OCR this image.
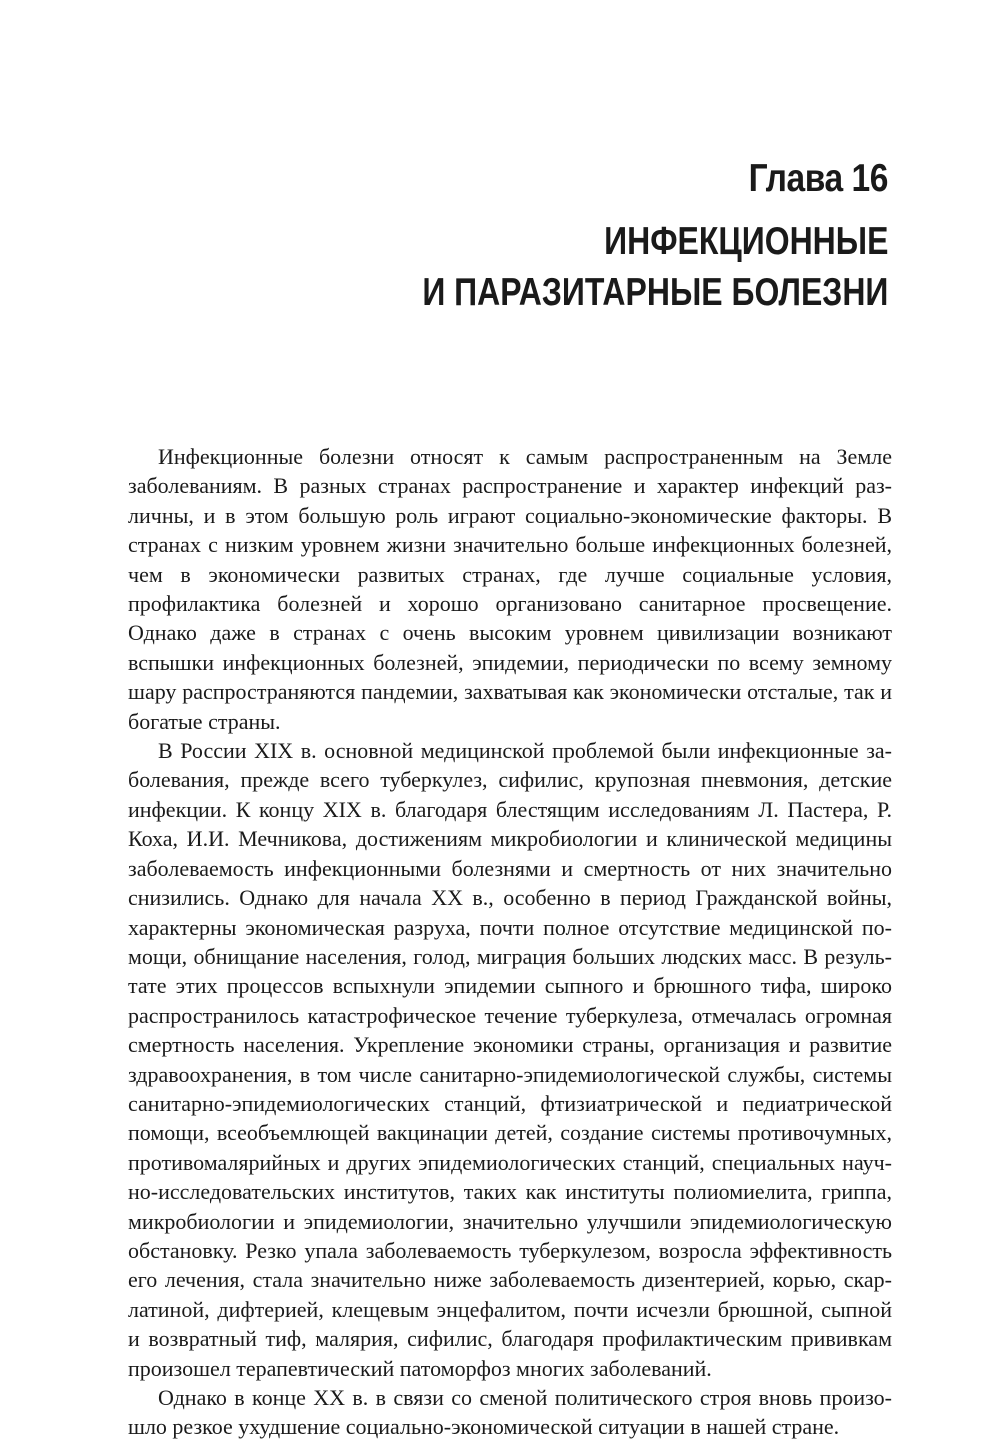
Глава 16
ИНФЕКЦИОННЫЕ
И ПАРАЗИТАРНЫЕ БОЛЕЗНИ

Инфекционные болезни относят к самым распространенным на Земле заболеваниям. В разных странах распространение и характер инфекций различны, и в этом большую роль играют социально-экономические факторы. В странах с низким уровнем жизни значительно больше инфекционных болезней, чем в экономически развитых странах, где лучше социальные условия, профилактика болезней и хорошо организовано санитарное просвещение. Однако даже в странах с очень высоким уровнем цивилизации возникают вспышки инфекционных болезней, эпидемии, периодически по всему земному шару распространяются пандемии, захватывая как экономически отсталые, так и богатые страны.

В России XIX в. основной медицинской проблемой были инфекционные заболевания, прежде всего туберкулез, сифилис, крупозная пневмония, детские инфекции. К концу XIX в. благодаря блестящим исследованиям Л. Пастера, Р. Коха, И.И. Мечникова, достижениям микробиологии и клинической медицины заболеваемость инфекционными болезнями и смертность от них значительно снизились. Однако для начала XX в., особенно в период Гражданской войны, характерны экономическая разруха, почти полное отсутствие медицинской помощи, обнищание населения, голод, миграция больших людских масс. В результате этих процессов вспыхнули эпидемии сыпного и брюшного тифа, широко распространилось катастрофическое течение туберкулеза, отмечалась огромная смертность населения. Укрепление экономики страны, организация и развитие здравоохранения, в том числе санитарно-эпидемиологической службы, системы санитарно-эпидемиологических станций, фтизиатрической и педиатрической помощи, всеобъемлющей вакцинации детей, создание системы противочумных, противомалярийных и других эпидемиологических станций, специальных научно-исследовательских институтов, таких как институты полиомиелита, гриппа, микробиологии и эпидемиологии, значительно улучшили эпидемиологическую обстановку. Резко упала заболеваемость туберкулезом, возросла эффективность его лечения, стала значительно ниже заболеваемость дизентерией, корью, скарлатиной, дифтерией, клещевым энцефалитом, почти исчезли брюшной, сыпной и возвратный тиф, малярия, сифилис, благодаря профилактическим прививкам произошел терапевтический патоморфоз многих заболеваний.

Однако в конце XX в. в связи со сменой политического строя вновь произошло резкое ухудшение социально-экономической ситуации в нашей стране.
